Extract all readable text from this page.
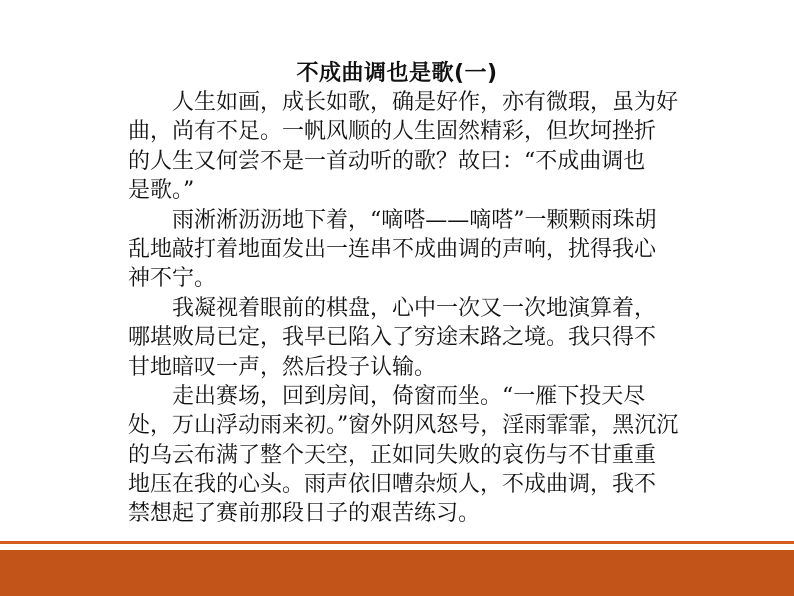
不成曲调也是歌(一)
人生如画，成长如歌，确是好作，亦有微瑕，虽为好
曲，尚有不足。一帆风顺的人生固然精彩，但坎坷挫折
的人生又何尝不是一首动听的歌？故曰：“不成曲调也
是歌。”
雨淅淅沥沥地下着，“嘀嗒——嘀嗒”一颗颗雨珠胡
乱地敲打着地面发出一连串不成曲调的声响，扰得我心
神不宁。
我凝视着眼前的棋盘，心中一次又一次地演算着，
哪堪败局已定，我早已陷入了穷途末路之境。我只得不
甘地暗叹一声，然后投子认输。
走出赛场，回到房间，倚窗而坐。“一雁下投天尽
处，万山浮动雨来初。”窗外阴风怒号，淫雨霏霏，黑沉沉
的乌云布满了整个天空，正如同失败的哀伤与不甘重重
地压在我的心头。雨声依旧嘈杂烦人，不成曲调，我不
禁想起了赛前那段日子的艰苦练习。
